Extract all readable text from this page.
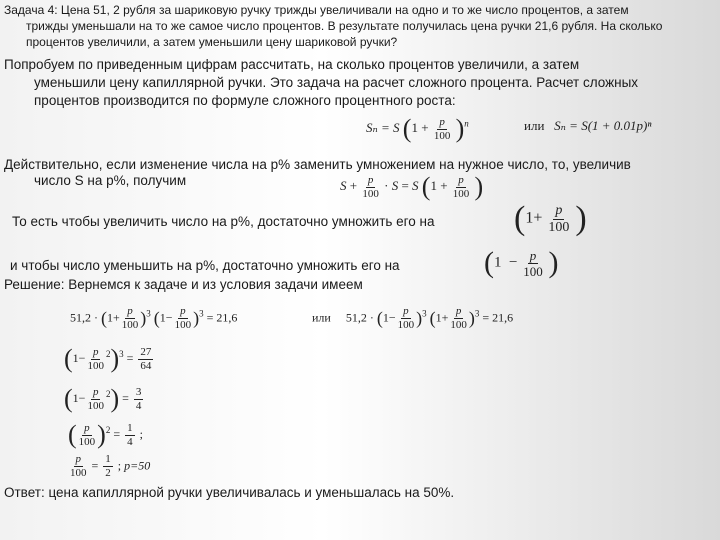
Задача 4: Цена 51, 2 рубля за шариковую ручку трижды увеличивали на одно и то же число процентов, а затем
трижды уменьшали на то же самое число процентов. В результате получилась цена ручки 21,6 рубля. На сколько
процентов увеличили, а затем уменьшили цену шариковой ручки?
Попробуем по приведенным цифрам рассчитать, на сколько процентов увеличили, а затем
уменьшили цену капиллярной ручки. Это задача на расчет сложного процента. Расчет сложных
процентов производится по формуле сложного процентного роста:
Sₙ = S $(1 + \frac{p}{100} )^n$	или Sₙ = S(1 + 0.01p)ⁿ
Действительно, если изменение числа на р% заменить умножением на нужное число, то, увеличив
число S на р%, получим	$S + \frac{p}{100} \cdot S = S$ ($1 + \frac{p}{100}$ )
То есть чтобы увеличить число на р%, достаточно умножить его на ($1+ \frac{p}{100}$ )
и чтобы число уменьшить на р%, достаточно умножить его на	($1 - \frac{p}{100}$ )
Решение: Вернемся к задаче и из условия задачи имеем
$51,2 \cdot (1+ \frac{p}{100} )^3$ $(1- \frac{p}{100} )^3 = 21,6$	или     $51,2 \cdot (1- \frac{p}{100} )^3$ $(1+ \frac{p}{100} )^3 = 21,6$
$(1- \frac{p}{100} ^2)^3 = \frac{27}{64}$
$(1- \frac{p}{100} ^2) = \frac{3}{4}$
( $\frac{p}{100} )^2 = \frac{1}{4}$ ;
$\frac{p}{100} = \frac{1}{2}$ ; p=50
Ответ: цена капиллярной ручки увеличивалась и уменьшалась на 50%.
